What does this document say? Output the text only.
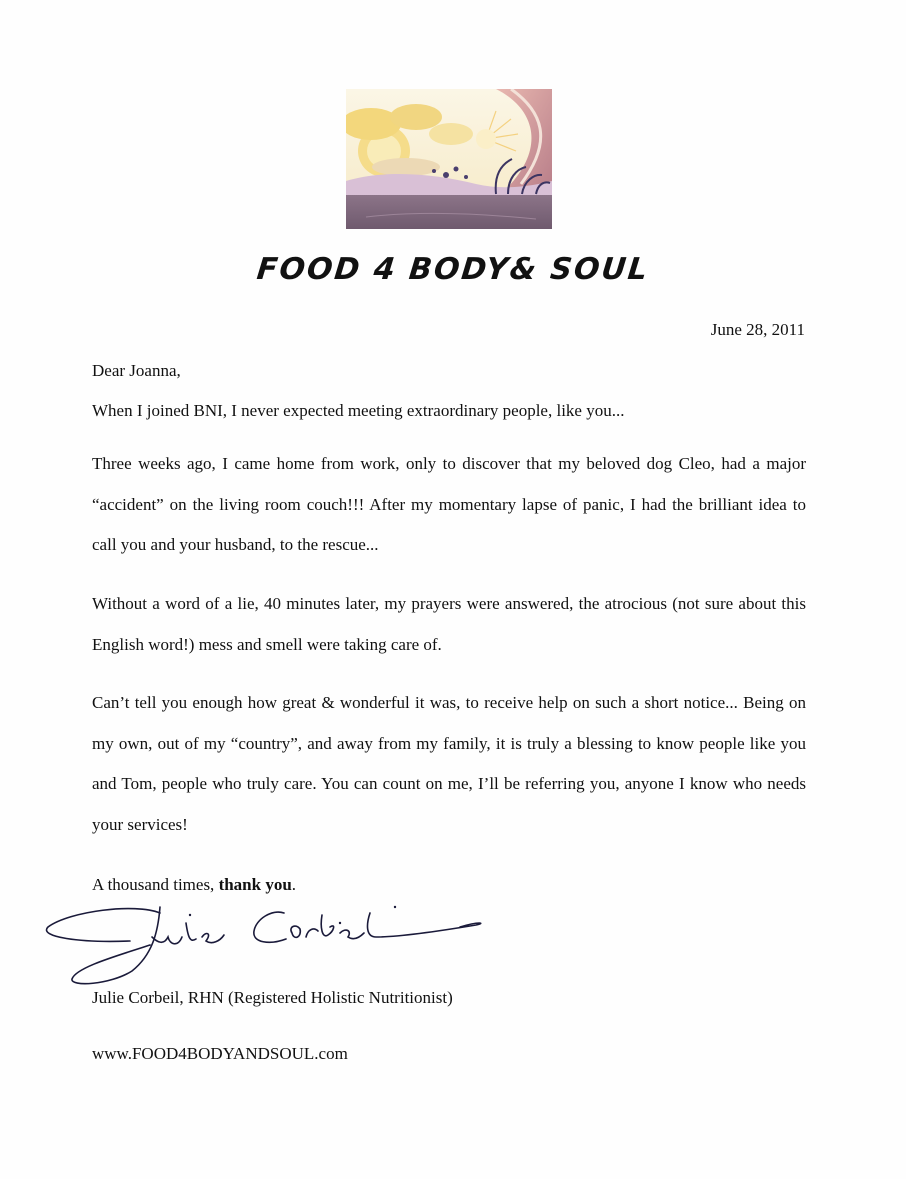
FOOD 4 BODY& SOUL
June 28, 2011
Dear Joanna,
When I joined BNI, I never expected meeting extraordinary people, like you...
Three weeks ago, I came home from work, only to discover that my beloved dog Cleo, had a major “accident” on the living room couch!!! After my momentary lapse of panic, I had the brilliant idea to call you and your husband, to the rescue...
Without a word of a lie, 40 minutes later, my prayers were answered, the atrocious (not sure about this English word!) mess and smell were taking care of.
Can’t tell you enough how great & wonderful it was, to receive help on such a short notice... Being on my own, out of my “country”, and away from my family, it is truly a blessing to know people like you and Tom, people who truly care. You can count on me, I’ll be referring you, anyone I know who needs your services!
A thousand times, thank you.
Julie Corbeil, RHN (Registered Holistic Nutritionist)
www.FOOD4BODYANDSOUL.com
